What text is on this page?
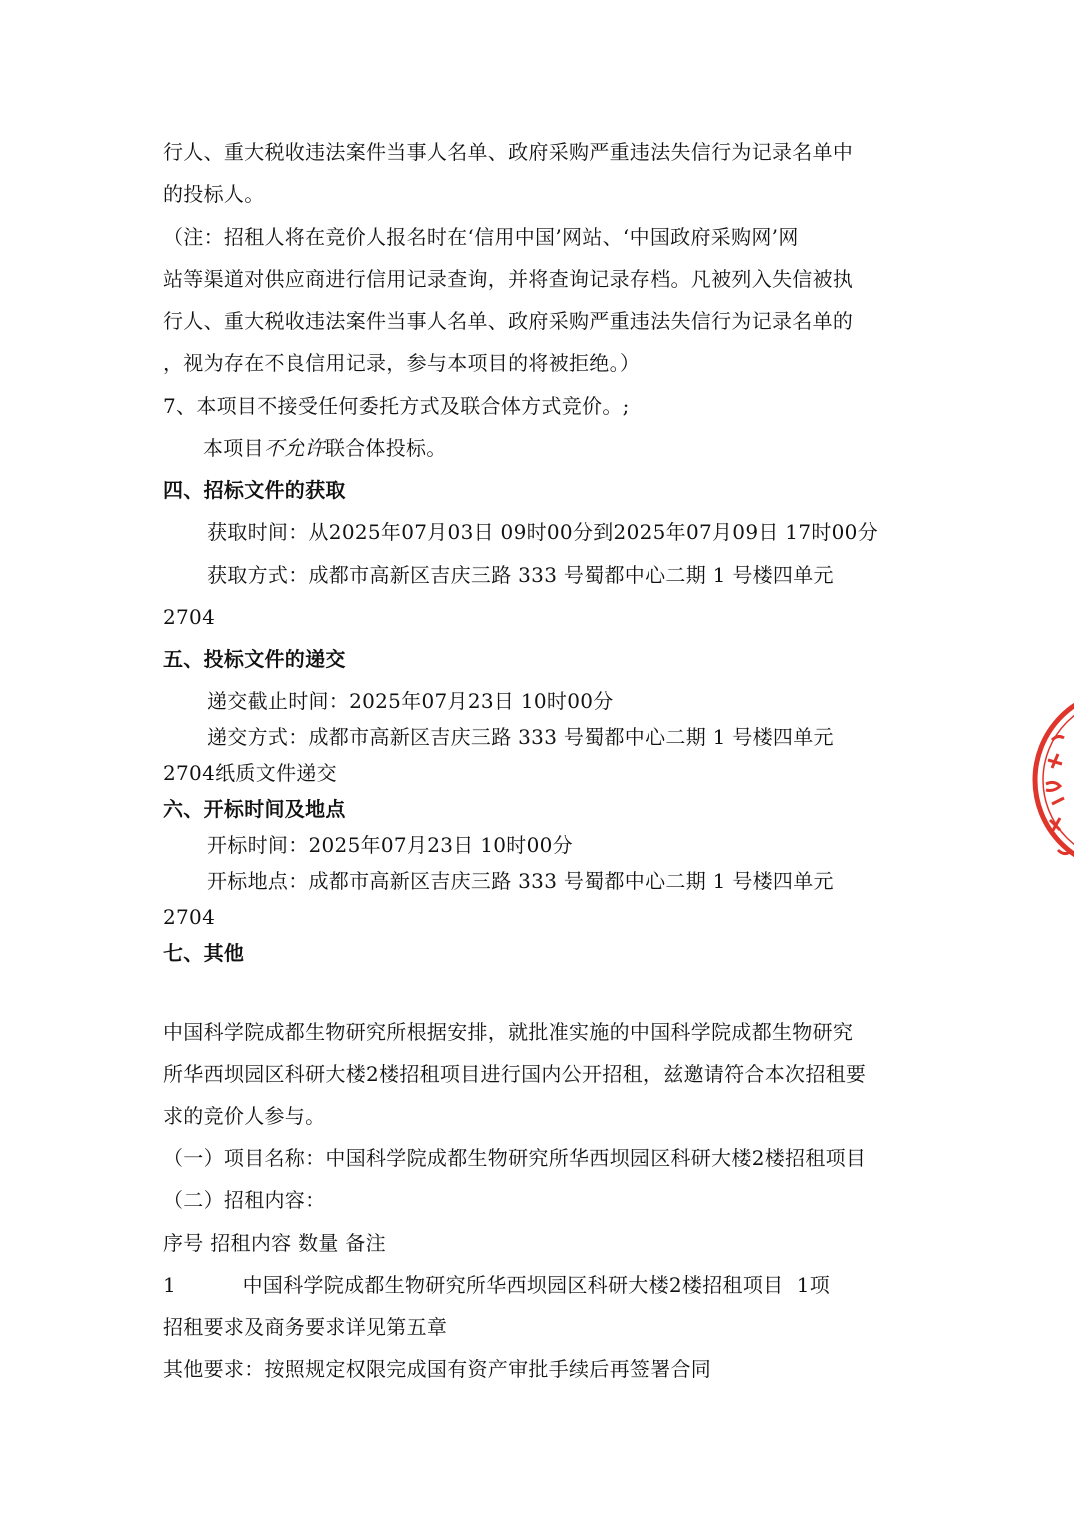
行人、重大税收违法案件当事人名单、政府采购严重违法失信行为记录名单中
的投标人。
（注：招租人将在竞价人报名时在‘信用中国’网站、‘中国政府采购网’网
站等渠道对供应商进行信用记录查询，并将查询记录存档。凡被列入失信被执
行人、重大税收违法案件当事人名单、政府采购严重违法失信行为记录名单的
，视为存在不良信用记录，参与本项目的将被拒绝。）
7、本项目不接受任何委托方式及联合体方式竞价。;
本项目不允许联合体投标。
四、招标文件的获取
获取时间：从2025年07月03日 09时00分到2025年07月09日 17时00分
获取方式：成都市高新区吉庆三路 333 号蜀都中心二期 1 号楼四单元
2704
五、投标文件的递交
递交截止时间：2025年07月23日 10时00分
递交方式：成都市高新区吉庆三路 333 号蜀都中心二期 1 号楼四单元
2704纸质文件递交
六、开标时间及地点
开标时间：2025年07月23日 10时00分
开标地点：成都市高新区吉庆三路 333 号蜀都中心二期 1 号楼四单元
2704
七、其他
中国科学院成都生物研究所根据安排，就批准实施的中国科学院成都生物研究
所华西坝园区科研大楼2楼招租项目进行国内公开招租，兹邀请符合本次招租要
求的竞价人参与。
（一）项目名称：中国科学院成都生物研究所华西坝园区科研大楼2楼招租项目
（二）招租内容：
序号 招租内容 数量 备注
1          中国科学院成都生物研究所华西坝园区科研大楼2楼招租项目  1项
招租要求及商务要求详见第五章
其他要求：按照规定权限完成国有资产审批手续后再签署合同
